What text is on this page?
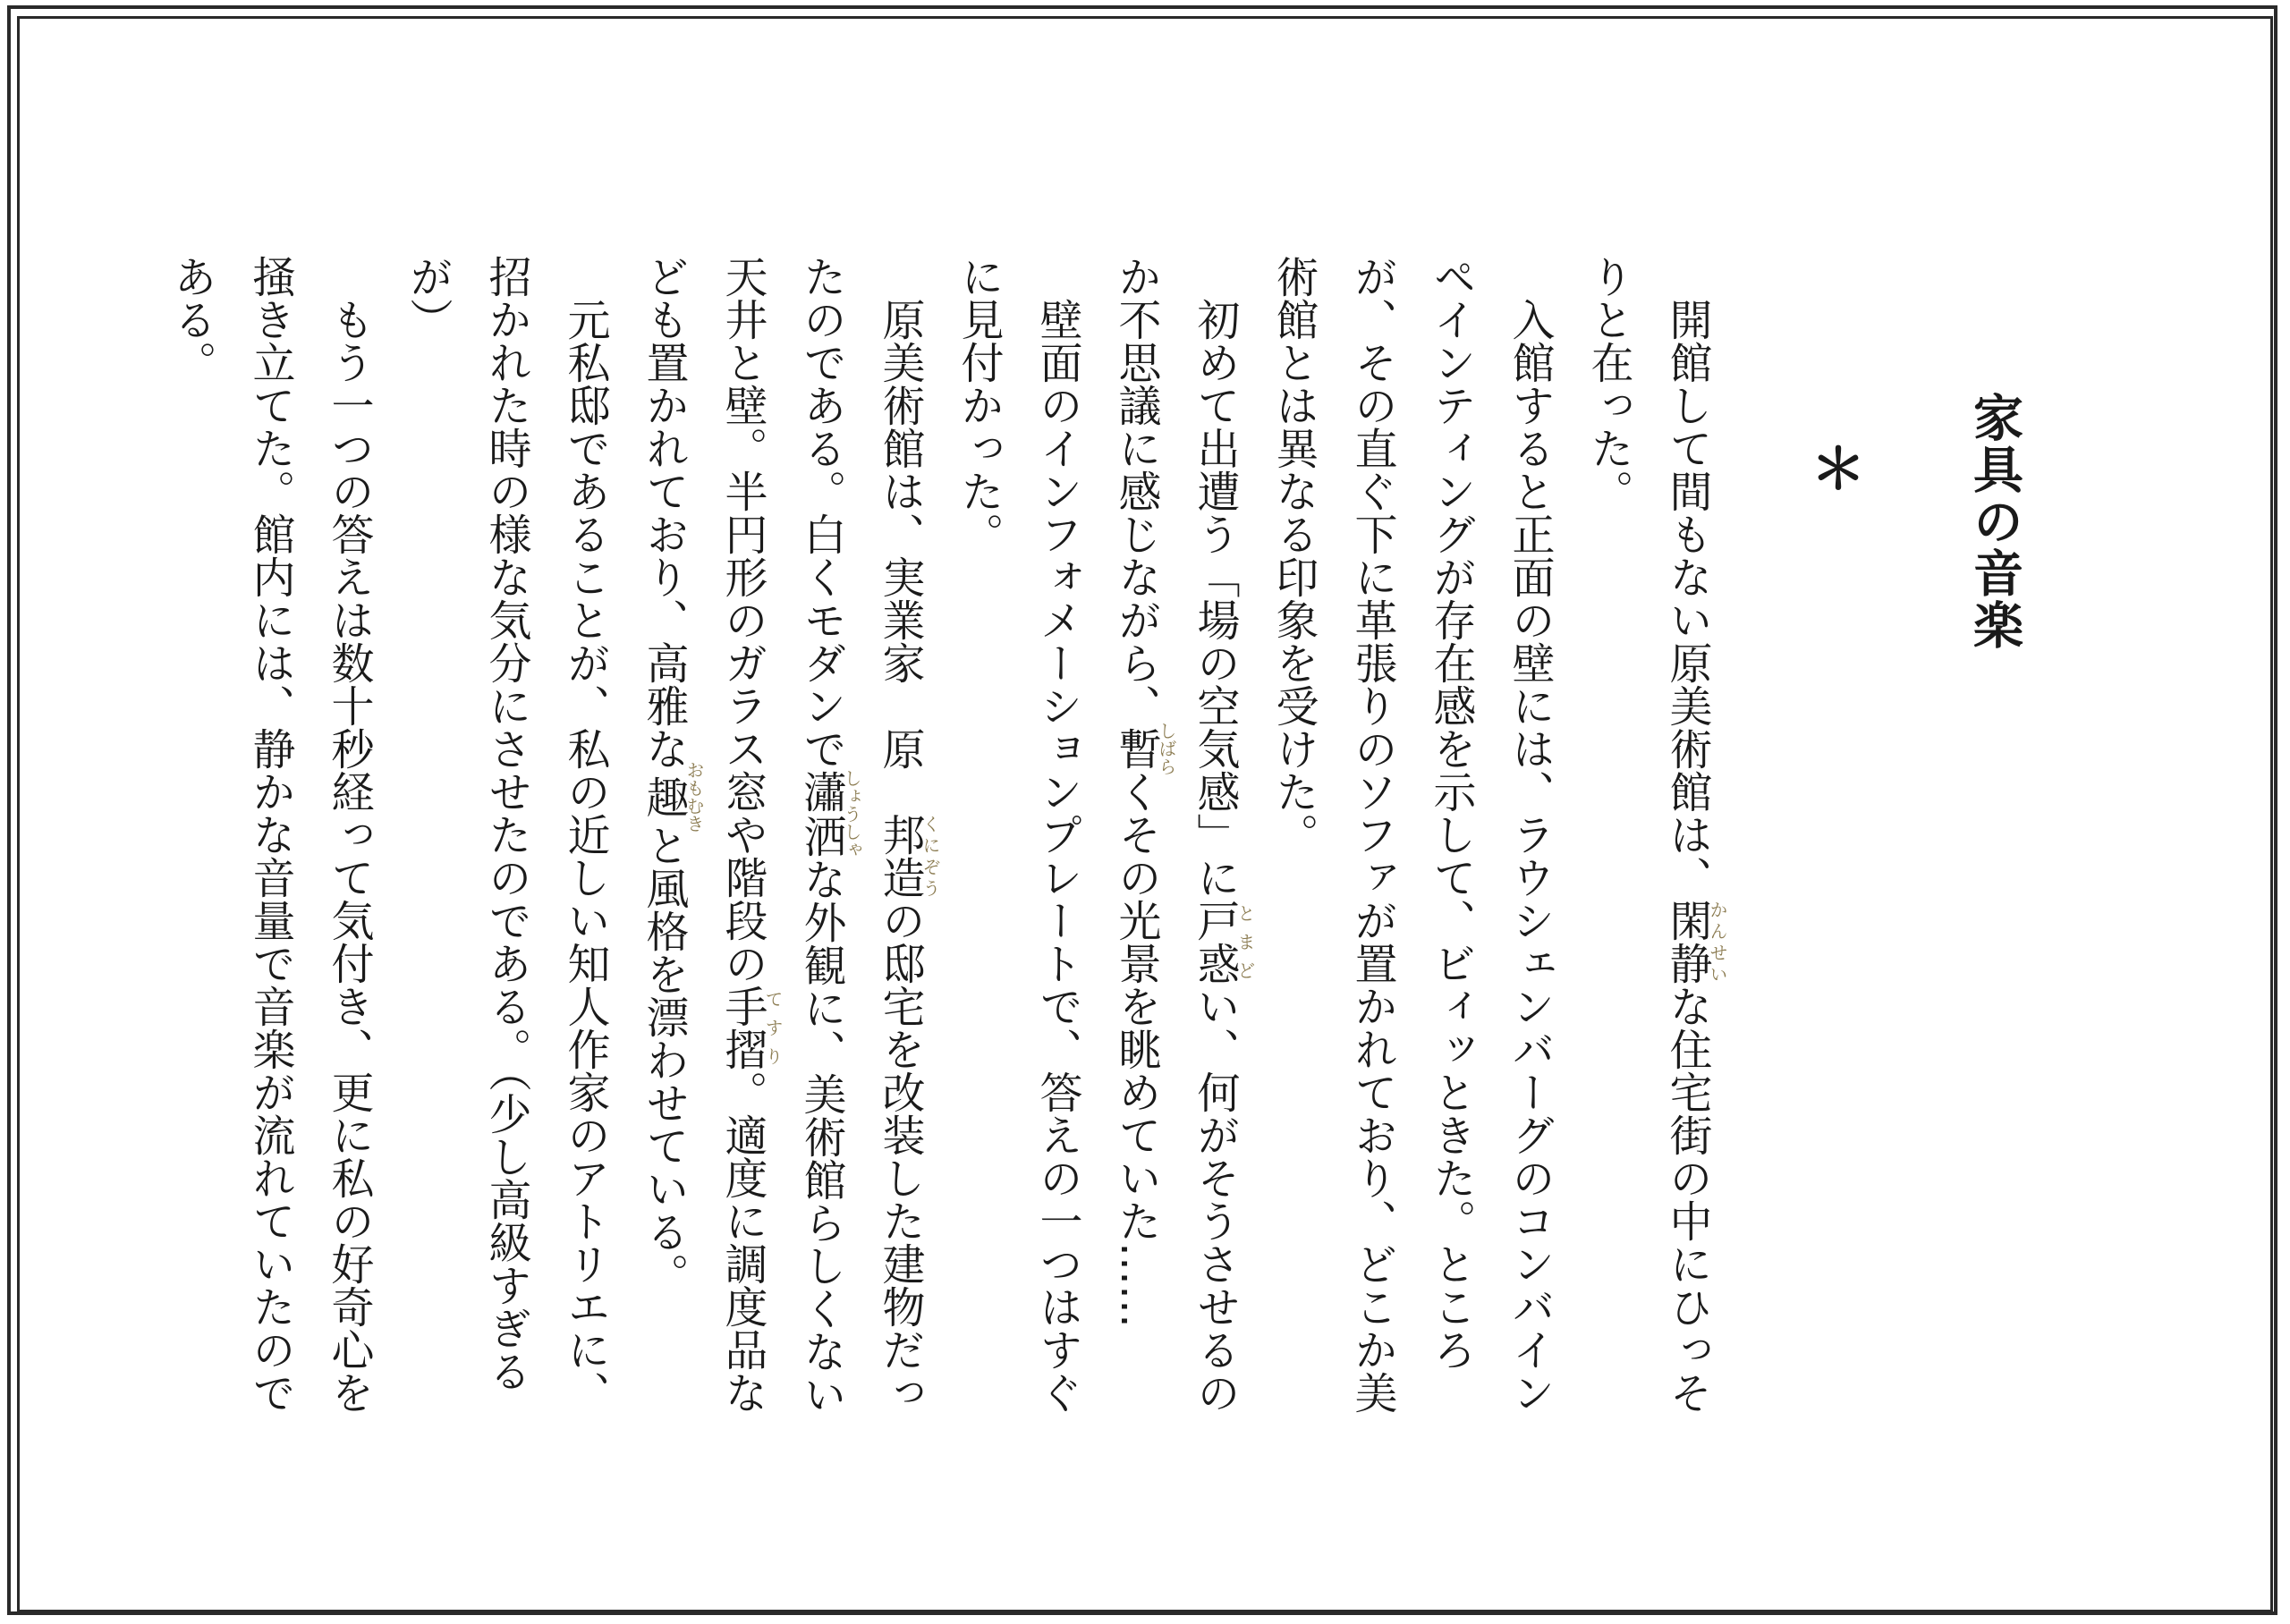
家具の音楽
＊

開館して間もない原美術館は、閑静かんせいな住宅街の中にひっそりと在った。

入館すると正面の壁には、ラウシェンバーグのコンバインペインティングが存在感を示して、ビィッときた。ところが、その直ぐ下に革張りのソファが置かれており、どこか美術館とは異なる印象を受けた。

初めて出遭う「場の空気感」に戸惑とまどい、何がそうさせるのか不思議に感じながら、暫しばらくその光景を眺めていた……

壁面のインフォメーションプレートで、答えの一つはすぐに見付かった。

原美術館は、実業家　原　邦造くにぞうの邸宅を改装した建物だったのである。白くモダンで瀟洒しょうしゃな外観に、美術館らしくない天井と壁。半円形のガラス窓や階段の手摺てすり。適度に調度品なども置かれており、高雅な趣おもむきと風格を漂わせている。

元私邸であることが、私の近しい知人作家のアトリエに、招かれた時の様な気分にさせたのである。（少し高級すぎるが）

もう一つの答えは数十秒経って気付き、更に私の好奇心を掻き立てた。館内には、静かな音量で音楽が流れていたのである。
